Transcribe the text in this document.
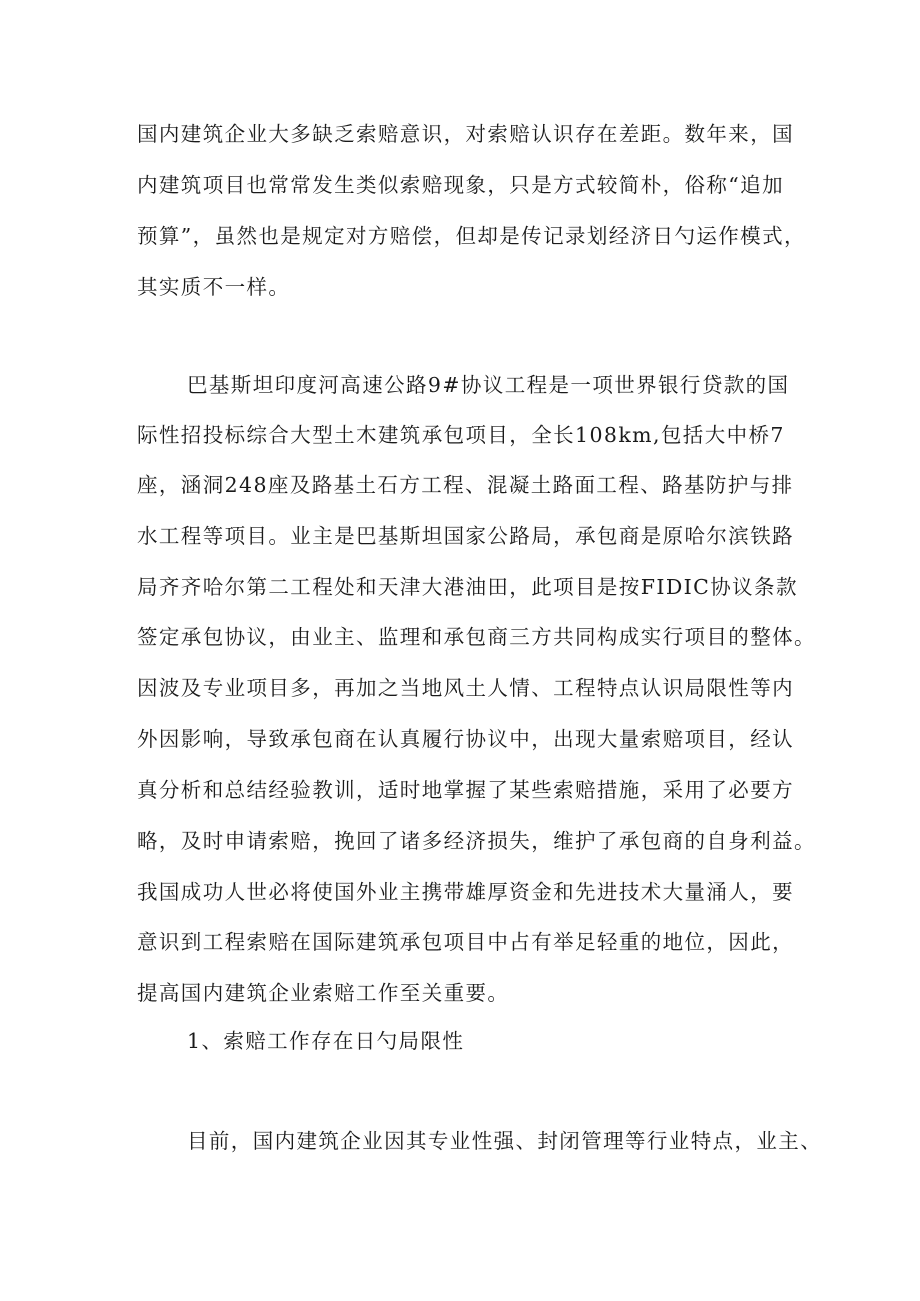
国内建筑企业大多缺乏索赔意识，对索赔认识存在差距。数年来，国

内建筑项目也常常发生类似索赔现象，只是方式较简朴，俗称“追加

预算”，虽然也是规定对方赔偿，但却是传记录划经济日勺运作模式，

其实质不一样。

巴基斯坦印度河高速公路9#协议工程是一项世界银行贷款的国

际性招投标综合大型土木建筑承包项目，全长108km,包括大中桥7

座，涵洞248座及路基土石方工程、混凝土路面工程、路基防护与排

水工程等项目。业主是巴基斯坦国家公路局，承包商是原哈尔滨铁路

局齐齐哈尔第二工程处和天津大港油田，此项目是按FIDIC协议条款

签定承包协议，由业主、监理和承包商三方共同构成实行项目的整体。

因波及专业项目多，再加之当地风土人情、工程特点认识局限性等内

外因影响，导致承包商在认真履行协议中，出现大量索赔项目，经认

真分析和总结经验教训，适时地掌握了某些索赔措施，采用了必要方

略，及时申请索赔，挽回了诸多经济损失，维护了承包商的自身利益。

我国成功人世必将使国外业主携带雄厚资金和先进技术大量涌人，要

意识到工程索赔在国际建筑承包项目中占有举足轻重的地位，因此，

提高国内建筑企业索赔工作至关重要。

1、索赔工作存在日勺局限性

目前，国内建筑企业因其专业性强、封闭管理等行业特点，业主、
